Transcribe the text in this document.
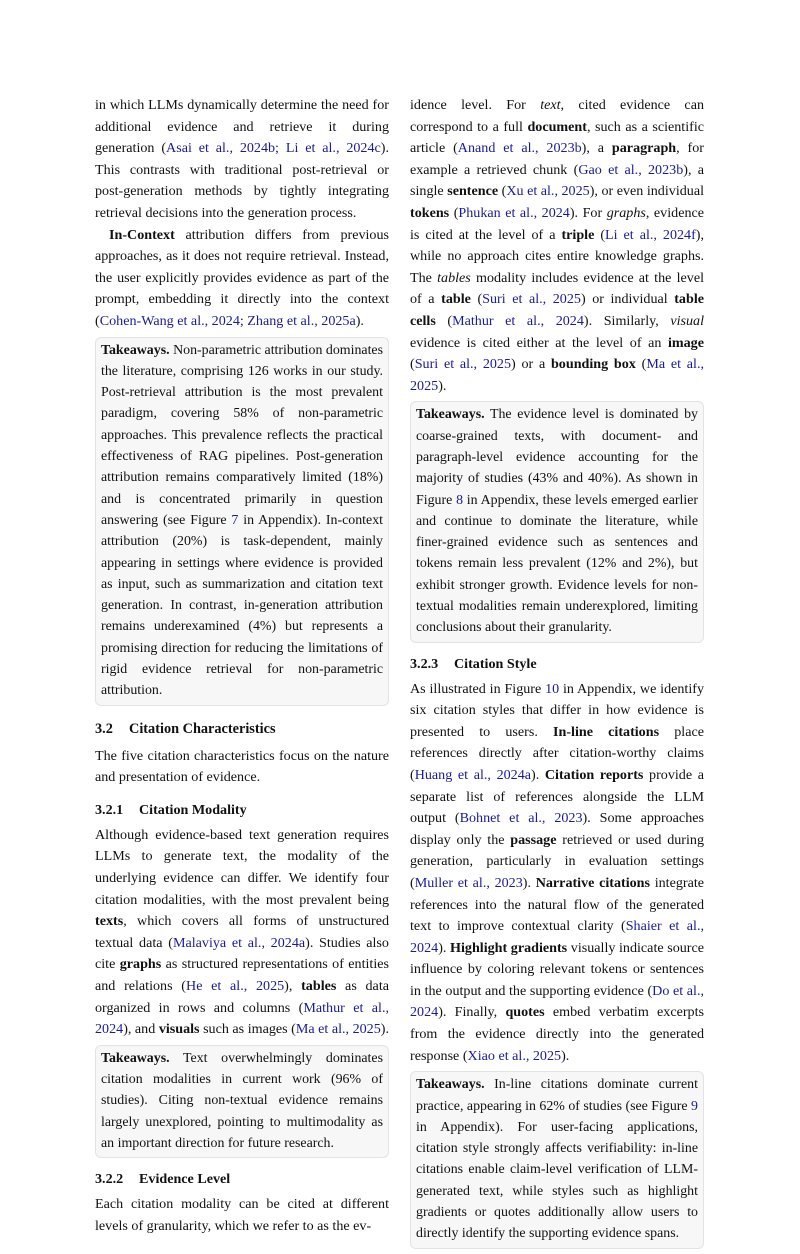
in which LLMs dynamically determine the need for additional evidence and retrieve it during generation (Asai et al., 2024b; Li et al., 2024c). This contrasts with traditional post-retrieval or post-generation methods by tightly integrating retrieval decisions into the generation process.

In-Context attribution differs from previous approaches, as it does not require retrieval. Instead, the user explicitly provides evidence as part of the prompt, embedding it directly into the context (Cohen-Wang et al., 2024; Zhang et al., 2025a).

Takeaways. Non-parametric attribution dominates the literature, comprising 126 works in our study. Post-retrieval attribution is the most prevalent paradigm, covering 58% of non-parametric approaches. This prevalence reflects the practical effectiveness of RAG pipelines. Post-generation attribution remains comparatively limited (18%) and is concentrated primarily in question answering (see Figure 7 in Appendix). In-context attribution (20%) is task-dependent, mainly appearing in settings where evidence is provided as input, such as summarization and citation text generation. In contrast, in-generation attribution remains underexamined (4%) but represents a promising direction for reducing the limitations of rigid evidence retrieval for non-parametric attribution.

3.2 Citation Characteristics

The five citation characteristics focus on the nature and presentation of evidence.

3.2.1 Citation Modality

Although evidence-based text generation requires LLMs to generate text, the modality of the underlying evidence can differ. We identify four citation modalities, with the most prevalent being texts, which covers all forms of unstructured textual data (Malaviya et al., 2024a). Studies also cite graphs as structured representations of entities and relations (He et al., 2025), tables as data organized in rows and columns (Mathur et al., 2024), and visuals such as images (Ma et al., 2025).

Takeaways. Text overwhelmingly dominates citation modalities in current work (96% of studies). Citing non-textual evidence remains largely unexplored, pointing to multimodality as an important direction for future research.

3.2.2 Evidence Level

Each citation modality can be cited at different levels of granularity, which we refer to as the ev-

idence level. For text, cited evidence can correspond to a full document, such as a scientific article (Anand et al., 2023b), a paragraph, for example a retrieved chunk (Gao et al., 2023b), a single sentence (Xu et al., 2025), or even individual tokens (Phukan et al., 2024). For graphs, evidence is cited at the level of a triple (Li et al., 2024f), while no approach cites entire knowledge graphs. The tables modality includes evidence at the level of a table (Suri et al., 2025) or individual table cells (Mathur et al., 2024). Similarly, visual evidence is cited either at the level of an image (Suri et al., 2025) or a bounding box (Ma et al., 2025).

Takeaways. The evidence level is dominated by coarse-grained texts, with document- and paragraph-level evidence accounting for the majority of studies (43% and 40%). As shown in Figure 8 in Appendix, these levels emerged earlier and continue to dominate the literature, while finer-grained evidence such as sentences and tokens remain less prevalent (12% and 2%), but exhibit stronger growth. Evidence levels for non-textual modalities remain underexplored, limiting conclusions about their granularity.

3.2.3 Citation Style

As illustrated in Figure 10 in Appendix, we identify six citation styles that differ in how evidence is presented to users. In-line citations place references directly after citation-worthy claims (Huang et al., 2024a). Citation reports provide a separate list of references alongside the LLM output (Bohnet et al., 2023). Some approaches display only the passage retrieved or used during generation, particularly in evaluation settings (Muller et al., 2023). Narrative citations integrate references into the natural flow of the generated text to improve contextual clarity (Shaier et al., 2024). Highlight gradients visually indicate source influence by coloring relevant tokens or sentences in the output and the supporting evidence (Do et al., 2024). Finally, quotes embed verbatim excerpts from the evidence directly into the generated response (Xiao et al., 2025).

Takeaways. In-line citations dominate current practice, appearing in 62% of studies (see Figure 9 in Appendix). For user-facing applications, citation style strongly affects verifiability: in-line citations enable claim-level verification of LLM-generated text, while styles such as highlight gradients or quotes additionally allow users to directly identify the supporting evidence spans.
